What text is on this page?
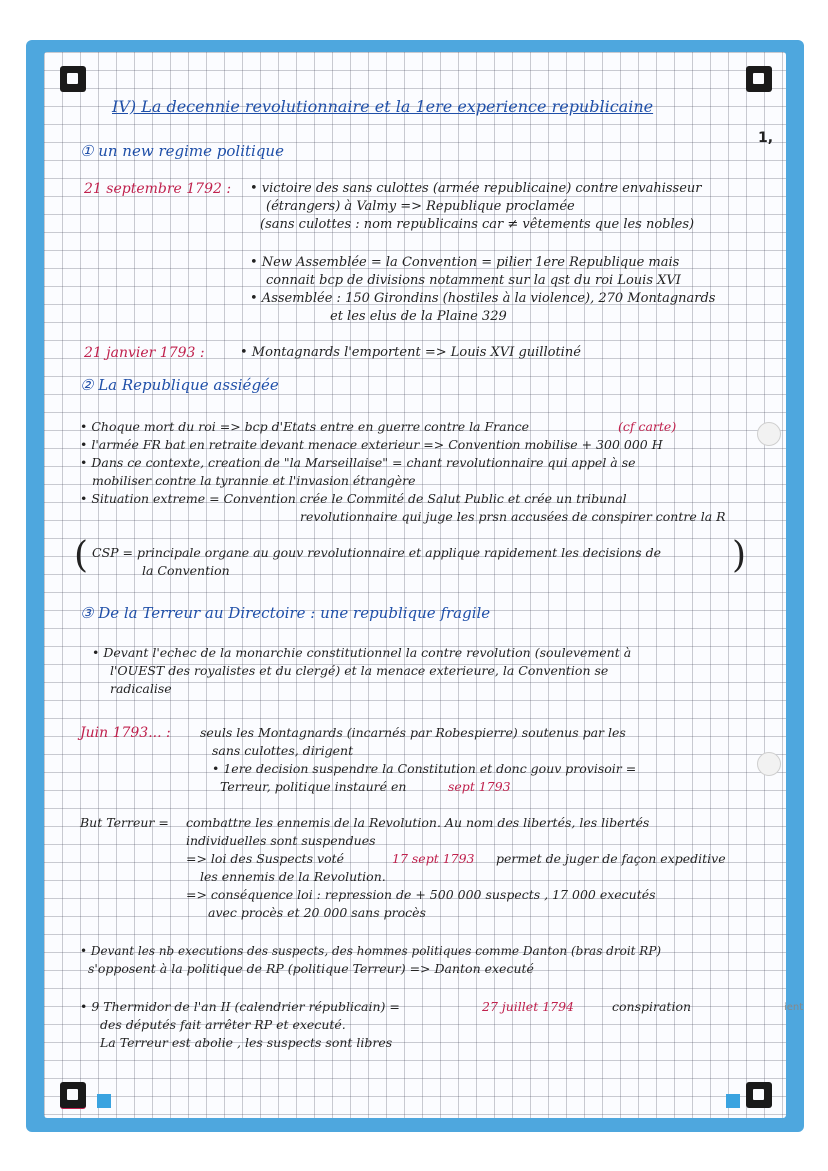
1,
ient
IV) La decennie revolutionnaire et la 1ere experience republicaine
① un new regime politique
21 septembre 1792 : • victoire des sans culottes (armée republicaine) contre envahisseur
(étrangers) à Valmy => Republique proclamée
(sans culottes : nom republicains car ≠ vêtements que les nobles)
• New Assemblée = la Convention = pilier 1ere Republique mais
connait bcp de divisions notamment sur la qst du roi Louis XVI
• Assemblée : 150 Girondins (hostiles à la violence), 270 Montagnards
et les elus de la Plaine 329
21 janvier 1793 :	• Montagnards l'emportent => Louis XVI guillotiné
② La Republique assiégée
• Choque mort du roi => bcp d'Etats entre en guerre contre la France	(cf carte)
• l'armée FR bat en retraite devant menace exterieur => Convention mobilise + 300 000 H
• Dans ce contexte, creation de "la Marseillaise" = chant revolutionnaire qui appel à se
mobiliser contre la tyrannie et l'invasion étrangère
• Situation extreme = Convention crée le Commité de Salut Public et crée un tribunal
revolutionnaire qui juge les prsn accusées de conspirer contre la R
( CSP = principale organe au gouv revolutionnaire et applique rapidement les decisions de
la Convention	)
③ De la Terreur au Directoire : une republique fragile
• Devant l'echec de la monarchie constitutionnel la contre revolution (soulevement à
l'OUEST des royalistes et du clergé) et la menace exterieure, la Convention se
radicalise
Juin 1793... : seuls les Montagnards (incarnés par Robespierre) soutenus par les
sans culottes, dirigent
• 1ere decision suspendre la Constitution et donc gouv provisoir =
Terreur, politique instauré en	sept 1793
But Terreur = combattre les ennemis de la Revolution. Au nom des libertés, les libertés
individuelles sont suspendues
=> loi des Suspects voté	17 sept 1793 permet de juger de façon expeditive
les ennemis de la Revolution.
=> conséquence loi : repression de + 500 000 suspects , 17 000 executés
avec procès et 20 000 sans procès
• Devant les nb executions des suspects, des hommes politiques comme Danton (bras droit RP)
s'opposent à la politique de RP (politique Terreur) => Danton executé
• 9 Thermidor de l'an II (calendrier républicain) =	27 juillet 1794	conspiration
des députés fait arrêter RP et executé.
La Terreur est abolie , les suspects sont libres
